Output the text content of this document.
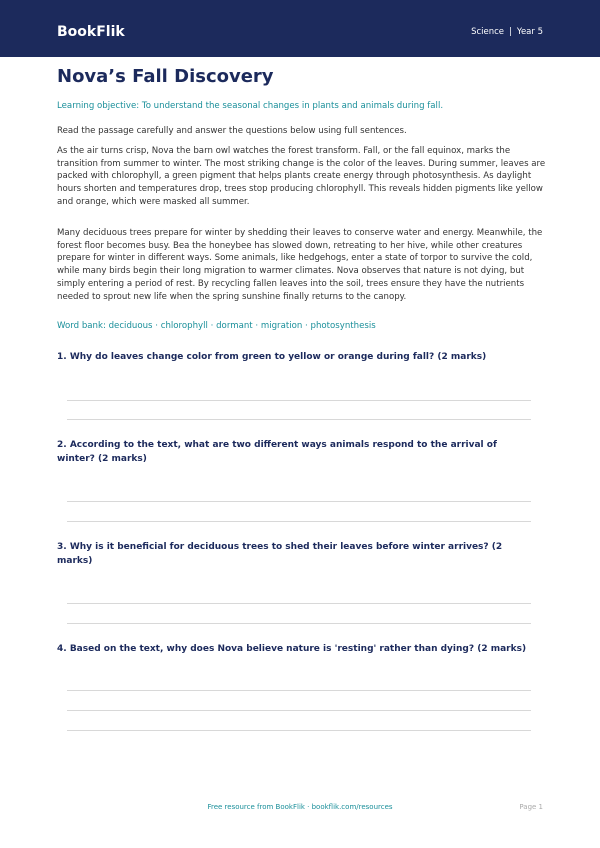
BookFlik	Science | Year 5
Nova’s Fall Discovery
Learning objective: To understand the seasonal changes in plants and animals during fall.
Read the passage carefully and answer the questions below using full sentences.

As the air turns crisp, Nova the barn owl watches the forest transform. Fall, or the fall equinox, marks the transition from summer to winter. The most striking change is the color of the leaves. During summer, leaves are packed with chlorophyll, a green pigment that helps plants create energy through photosynthesis. As daylight hours shorten and temperatures drop, trees stop producing chlorophyll. This reveals hidden pigments like yellow and orange, which were masked all summer.

Many deciduous trees prepare for winter by shedding their leaves to conserve water and energy. Meanwhile, the forest floor becomes busy. Bea the honeybee has slowed down, retreating to her hive, while other creatures prepare for winter in different ways. Some animals, like hedgehogs, enter a state of torpor to survive the cold, while many birds begin their long migration to warmer climates. Nova observes that nature is not dying, but simply entering a period of rest. By recycling fallen leaves into the soil, trees ensure they have the nutrients needed to sprout new life when the spring sunshine finally returns to the canopy.

Word bank: deciduous · chlorophyll · dormant · migration · photosynthesis
1. Why do leaves change color from green to yellow or orange during fall? (2 marks)
2. According to the text, what are two different ways animals respond to the arrival of winter? (2 marks)
3. Why is it beneficial for deciduous trees to shed their leaves before winter arrives? (2 marks)
4. Based on the text, why does Nova believe nature is 'resting' rather than dying? (2 marks)
Free resource from BookFlik · bookflik.com/resources	Page 1
